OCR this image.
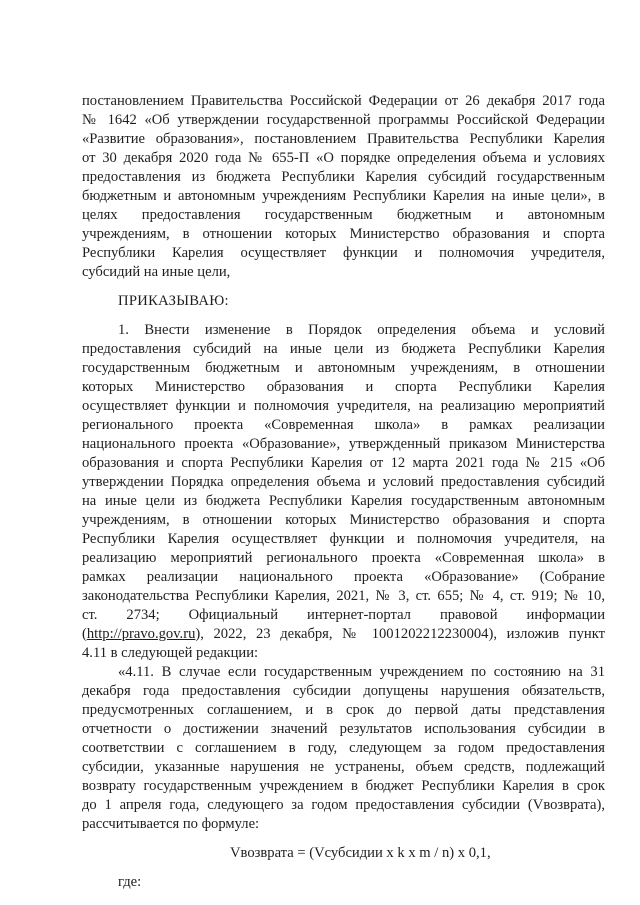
постановлением Правительства Российской Федерации от 26 декабря 2017 года
№ 1642 «Об утверждении государственной программы Российской Федерации
«Развитие образования», постановлением Правительства Республики Карелия
от 30 декабря 2020 года № 655-П «О порядке определения объема и условиях
предоставления из бюджета Республики Карелия субсидий государственным
бюджетным и автономным учреждениям Республики Карелия на иные цели», в
целях предоставления государственным бюджетным и автономным
учреждениям, в отношении которых Министерство образования и спорта
Республики Карелия осуществляет функции и полномочия учредителя,
субсидий на иные цели,
ПРИКАЗЫВАЮ:
1. Внести изменение в Порядок определения объема и условий
предоставления субсидий на иные цели из бюджета Республики Карелия
государственным бюджетным и автономным учреждениям, в отношении
которых Министерство образования и спорта Республики Карелия
осуществляет функции и полномочия учредителя, на реализацию мероприятий
регионального проекта «Современная школа» в рамках реализации
национального проекта «Образование», утвержденный приказом Министерства
образования и спорта Республики Карелия от 12 марта 2021 года № 215 «Об
утверждении Порядка определения объема и условий предоставления субсидий
на иные цели из бюджета Республики Карелия государственным автономным
учреждениям, в отношении которых Министерство образования и спорта
Республики Карелия осуществляет функции и полномочия учредителя, на
реализацию мероприятий регионального проекта «Современная школа» в
рамках реализации национального проекта «Образование» (Собрание
законодательства Республики Карелия, 2021, № 3, ст. 655; № 4, ст. 919; № 10,
ст. 2734; Официальный интернет-портал правовой информации
(http://pravo.gov.ru), 2022, 23 декабря, № 1001202212230004), изложив пункт
4.11 в следующей редакции:
«4.11. В случае если государственным учреждением по состоянию на 31
декабря года предоставления субсидии допущены нарушения обязательств,
предусмотренных соглашением, и в срок до первой даты представления
отчетности о достижении значений результатов использования субсидии в
соответствии с соглашением в году, следующем за годом предоставления
субсидии, указанные нарушения не устранены, объем средств, подлежащий
возврату государственным учреждением в бюджет Республики Карелия в срок
до 1 апреля года, следующего за годом предоставления субсидии (Vвозврата),
рассчитывается по формуле:
Vвозврата = (Vсубсидии x k x m / n) x 0,1,
где:
